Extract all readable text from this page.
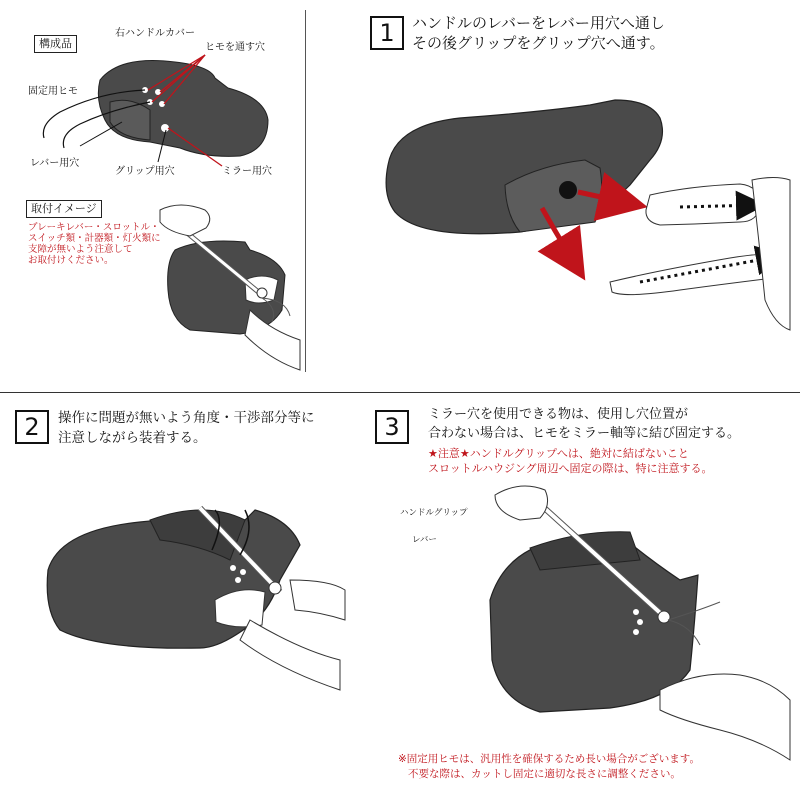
構成品
右ハンドルカバー
ヒモを通す穴
固定用ヒモ
レバー用穴
グリップ用穴	ミラー用穴
取付イメージ
ブレーキレバー・スロットル・
スイッチ類・計器類・灯火類に
支障が無いよう注意して
お取付けください。
1	ハンドルのレバーをレバー用穴へ通し
その後グリップをグリップ穴へ通す。
2	操作に問題が無いよう角度・干渉部分等に
注意しながら装着する。	3	ミラー穴を使用できる物は、使用し穴位置が
合わない場合は、ヒモをミラー軸等に結び固定する。
★注意★ハンドルグリップへは、絶対に結ばないこと
スロットルハウジング周辺へ固定の際は、特に注意する。
ハンドルグリップ
レバー
※固定用ヒモは、汎用性を確保するため長い場合がございます。
不要な際は、カットし固定に適切な長さに調整ください。
